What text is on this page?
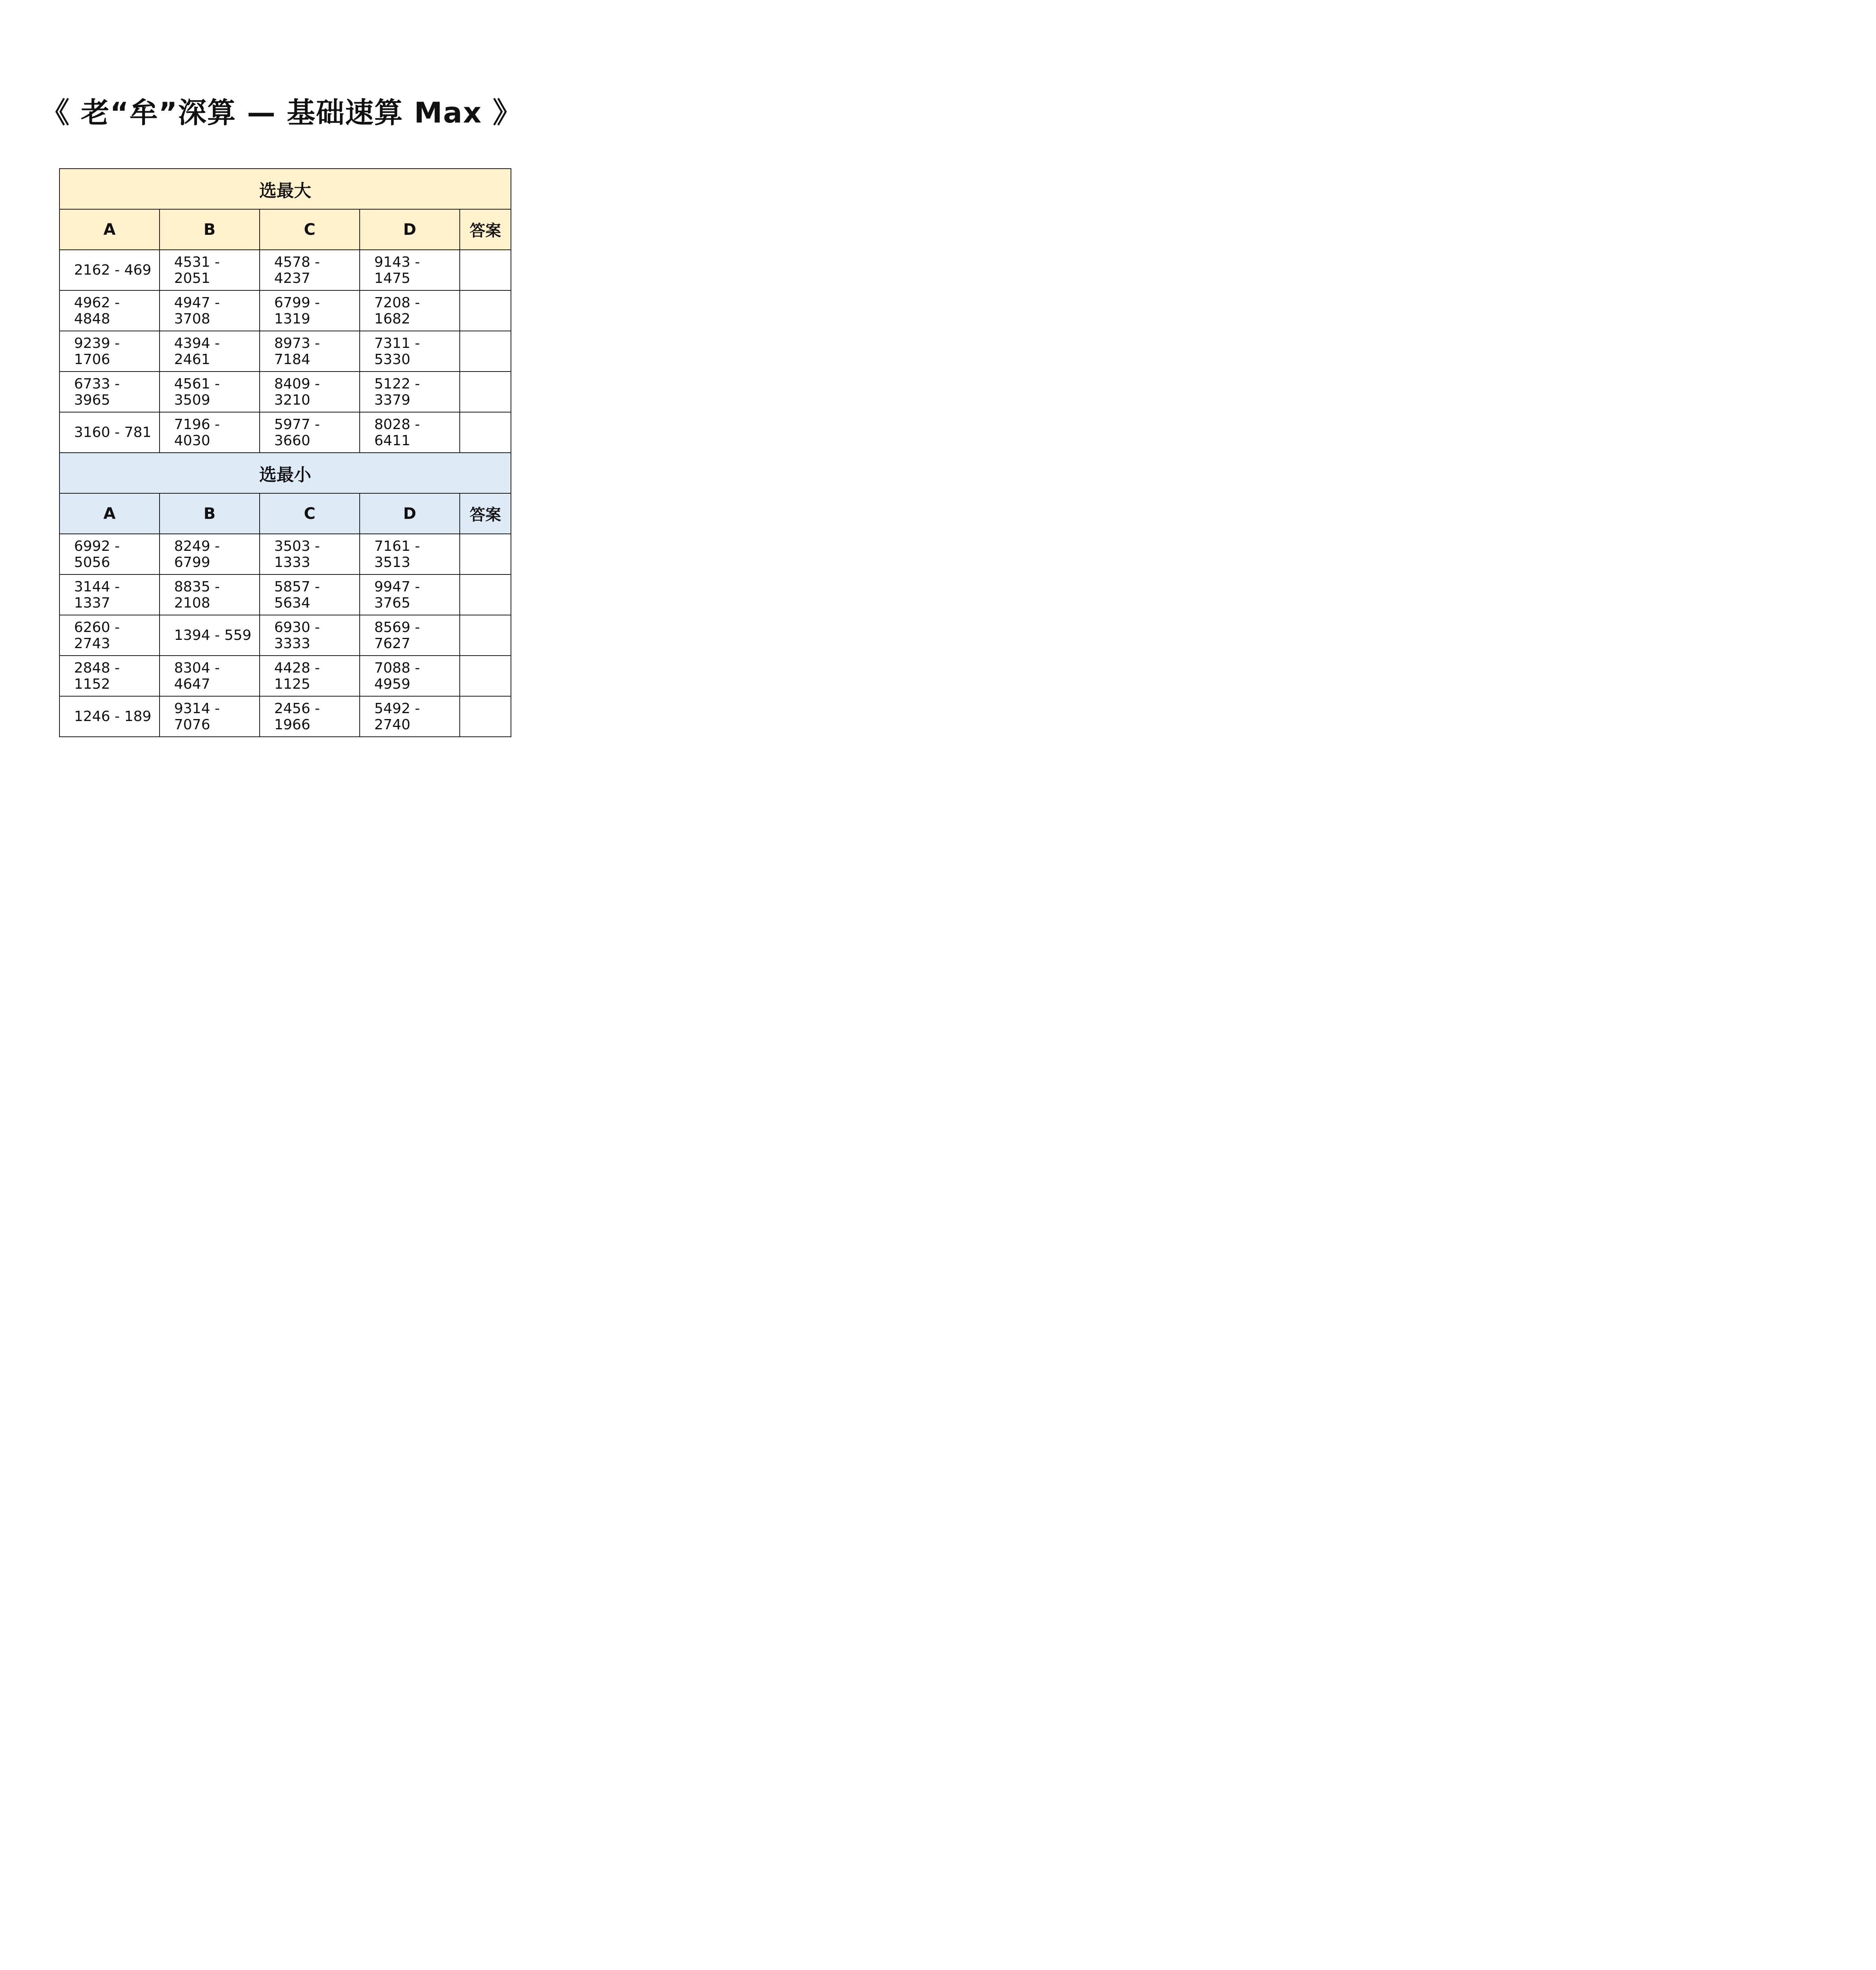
《 老“牟”深算 — 基础速算 Max 》
选最大				
A	B	C	D	答案
2162 - 469	4531 - 2051	4578 - 4237	9143 - 1475	
4962 - 4848	4947 - 3708	6799 - 1319	7208 - 1682	
9239 - 1706	4394 - 2461	8973 - 7184	7311 - 5330	
6733 - 3965	4561 - 3509	8409 - 3210	5122 - 3379	
3160 - 781	7196 - 4030	5977 - 3660	8028 - 6411	
选最小				
A	B	C	D	答案
6992 - 5056	8249 - 6799	3503 - 1333	7161 - 3513	
3144 - 1337	8835 - 2108	5857 - 5634	9947 - 3765	
6260 - 2743	1394 - 559	6930 - 3333	8569 - 7627	
2848 - 1152	8304 - 4647	4428 - 1125	7088 - 4959	
1246 - 189	9314 - 7076	2456 - 1966	5492 - 2740	
